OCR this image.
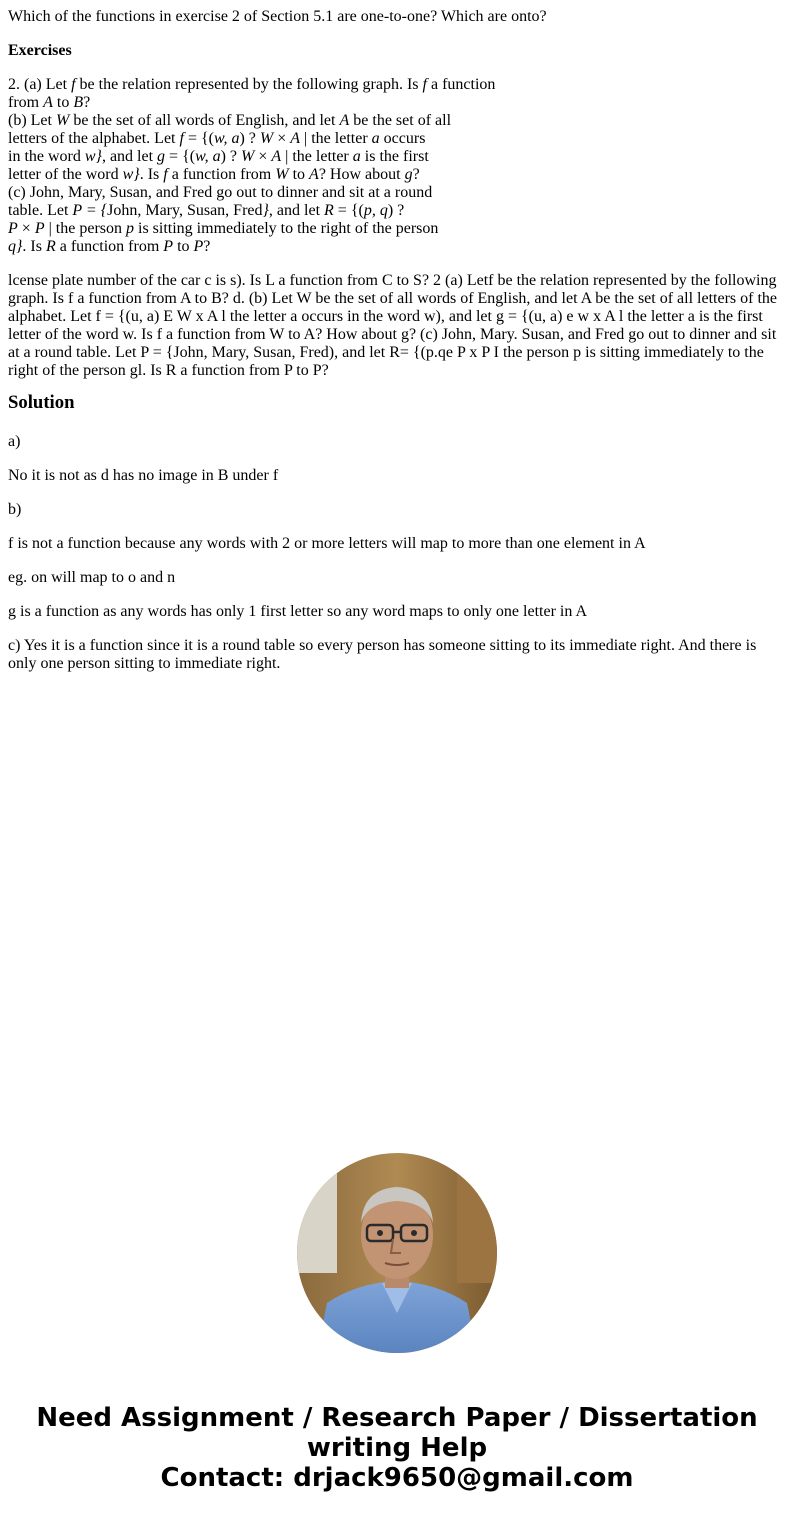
Which of the functions in exercise 2 of Section 5.1 are one-to-one? Which are onto?

Exercises

2. (a) Let f be the relation represented by the following graph. Is f a function
from A to B?
(b) Let W be the set of all words of English, and let A be the set of all
letters of the alphabet. Let f = {(w, a) ? W × A | the letter a occurs
in the word w}, and let g = {(w, a) ? W × A | the letter a is the first
letter of the word w}. Is f a function from W to A? How about g?
(c) John, Mary, Susan, and Fred go out to dinner and sit at a round
table. Let P = {John, Mary, Susan, Fred}, and let R = {(p, q) ?
P × P | the person p is sitting immediately to the right of the person
q}. Is R a function from P to P?

lcense plate number of the car c is s). Is L a function from C to S? 2 (a) Letf be the relation represented by the following graph. Is f a function from A to B? d. (b) Let W be the set of all words of English, and let A be the set of all letters of the alphabet. Let f = {(u, a) E W x A l the letter a occurs in the word w), and let g = {(u, a) e w x A l the letter a is the first letter of the word w. Is f a function from W to A? How about g? (c) John, Mary. Susan, and Fred go out to dinner and sit at a round table. Let P = {John, Mary, Susan, Fred), and let R= {(p.qe P x P I the person p is sitting immediately to the right of the person gl. Is R a function from P to P?

Solution

a)

No it is not as d has no image in B under f

b)

f is not a function because any words with 2 or more letters will map to more than one element in A

eg. on will map to o and n

g is a function as any words has only 1 first letter so any word maps to only one letter in A

c) Yes it is a function since it is a round table so every person has someone sitting to its immediate right. And there is only one person sitting to immediate right.

Need Assignment / Research Paper / Dissertation
writing Help
Contact: drjack9650@gmail.com
